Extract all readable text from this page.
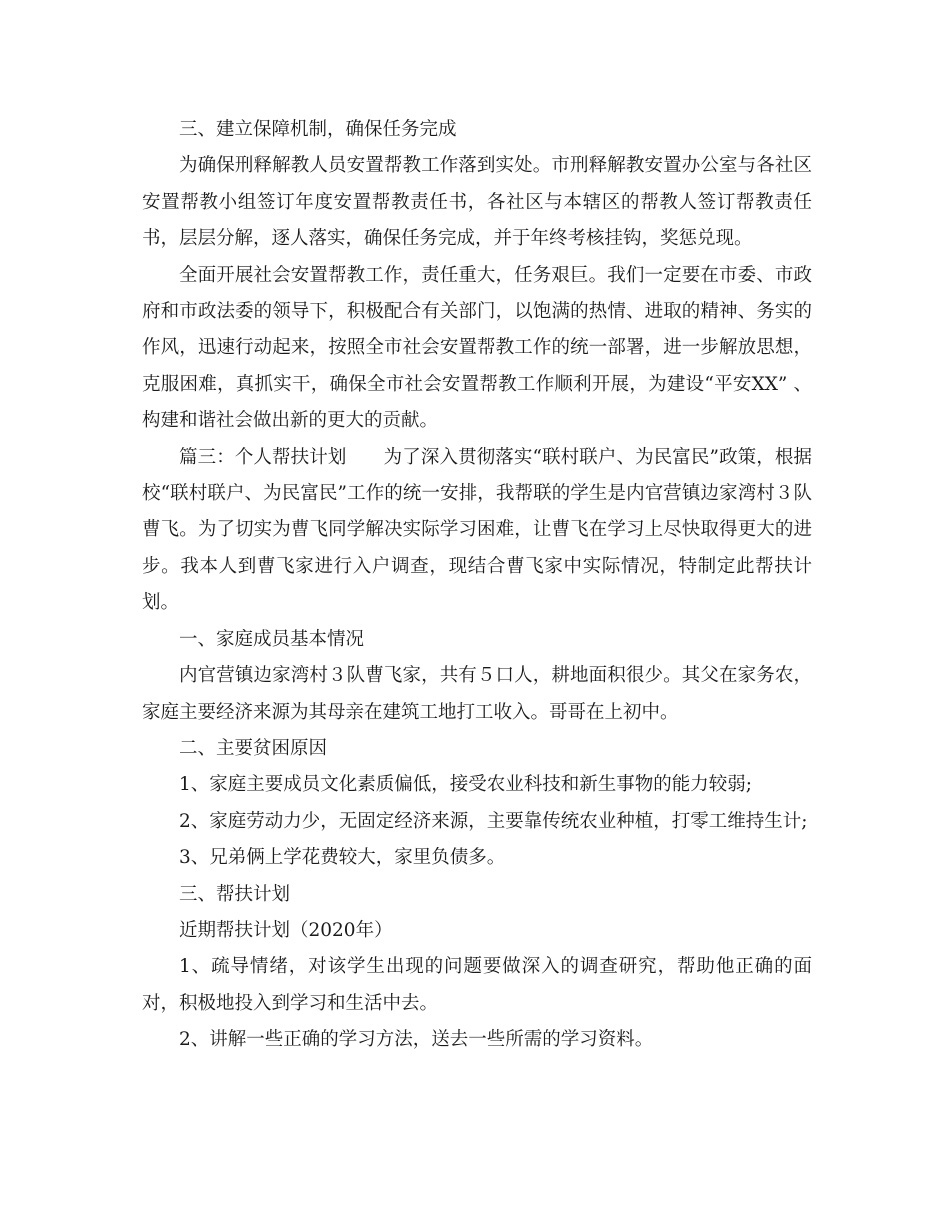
三、建立保障机制，确保任务完成

为确保刑释解教人员安置帮教工作落到实处。市刑释解教安置办公室与各社区安置帮教小组签订年度安置帮教责任书，各社区与本辖区的帮教人签订帮教责任书，层层分解，逐人落实，确保任务完成，并于年终考核挂钩，奖惩兑现。

全面开展社会安置帮教工作，责任重大，任务艰巨。我们一定要在市委、市政府和市政法委的领导下，积极配合有关部门，以饱满的热情、进取的精神、务实的作风，迅速行动起来，按照全市社会安置帮教工作的统一部署，进一步解放思想，克服困难，真抓实干，确保全市社会安置帮教工作顺利开展，为建设“平安XX” 、构建和谐社会做出新的更大的贡献。

篇三：个人帮扶计划　　为了深入贯彻落实“联村联户、为民富民”政策，根据校“联村联户、为民富民”工作的统一安排，我帮联的学生是内官营镇边家湾村３队曹飞。为了切实为曹飞同学解决实际学习困难，让曹飞在学习上尽快取得更大的进步。我本人到曹飞家进行入户调查，现结合曹飞家中实际情况，特制定此帮扶计划。

一、家庭成员基本情况

内官营镇边家湾村３队曹飞家，共有５口人，耕地面积很少。其父在家务农，家庭主要经济来源为其母亲在建筑工地打工收入。哥哥在上初中。

二、主要贫困原因

1、家庭主要成员文化素质偏低，接受农业科技和新生事物的能力较弱;

2、家庭劳动力少，无固定经济来源，主要靠传统农业种植，打零工维持生计;

3、兄弟俩上学花费较大，家里负债多。

三、帮扶计划

近期帮扶计划（2020年）

1、疏导情绪，对该学生出现的问题要做深入的调查研究，帮助他正确的面对，积极地投入到学习和生活中去。

2、讲解一些正确的学习方法，送去一些所需的学习资料。
